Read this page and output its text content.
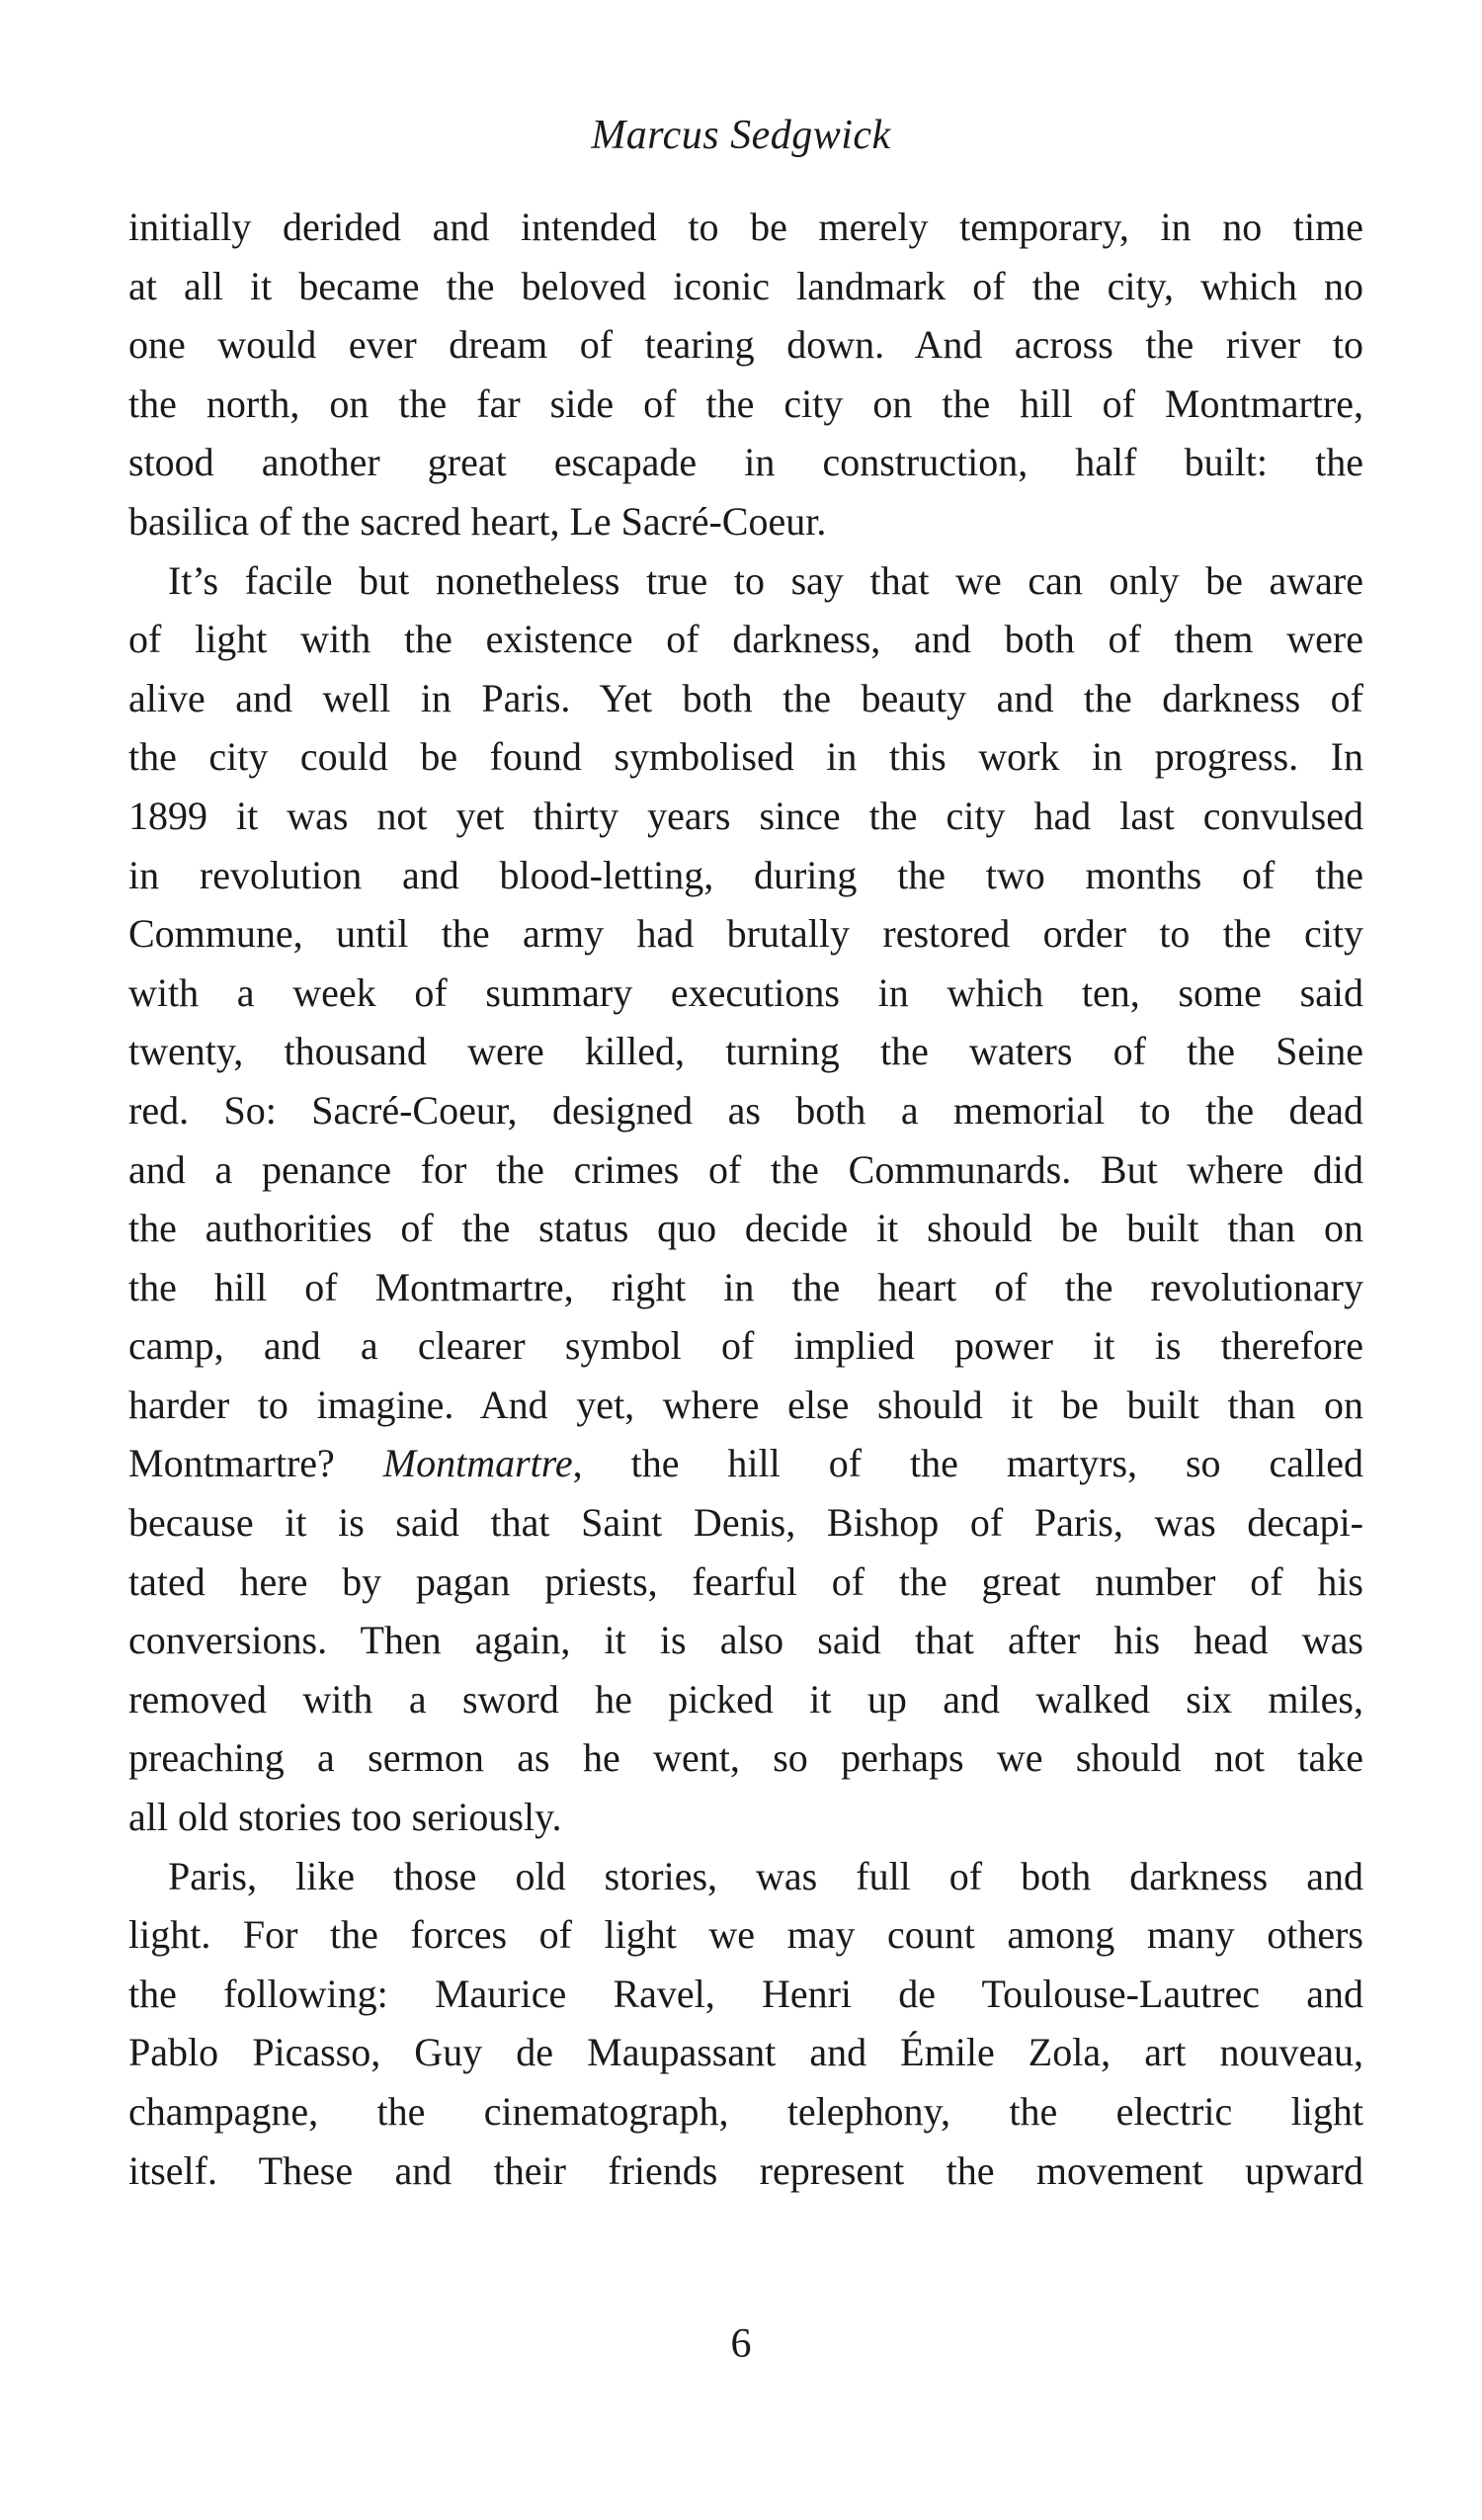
Marcus Sedgwick

initially derided and intended to be merely temporary, in no time
at all it became the beloved iconic landmark of the city, which no
one would ever dream of tearing down. And across the river to
the north, on the far side of the city on the hill of Montmartre,
stood another great escapade in construction, half built: the
basilica of the sacred heart, Le Sacré-Coeur.

It’s facile but nonetheless true to say that we can only be aware
of light with the existence of darkness, and both of them were
alive and well in Paris. Yet both the beauty and the darkness of
the city could be found symbolised in this work in progress. In
1899 it was not yet thirty years since the city had last convulsed
in revolution and blood-letting, during the two months of the
Commune, until the army had brutally restored order to the city
with a week of summary executions in which ten, some said
twenty, thousand were killed, turning the waters of the Seine
red. So: Sacré-Coeur, designed as both a memorial to the dead
and a penance for the crimes of the Communards. But where did
the authorities of the status quo decide it should be built than on
the hill of Montmartre, right in the heart of the revolutionary
camp, and a clearer symbol of implied power it is therefore
harder to imagine. And yet, where else should it be built than on
Montmartre? Montmartre, the hill of the martyrs, so called
because it is said that Saint Denis, Bishop of Paris, was decapi-
tated here by pagan priests, fearful of the great number of his
conversions. Then again, it is also said that after his head was
removed with a sword he picked it up and walked six miles,
preaching a sermon as he went, so perhaps we should not take
all old stories too seriously.

Paris, like those old stories, was full of both darkness and
light. For the forces of light we may count among many others
the following: Maurice Ravel, Henri de Toulouse-Lautrec and
Pablo Picasso, Guy de Maupassant and Émile Zola, art nouveau,
champagne, the cinematograph, telephony, the electric light
itself. These and their friends represent the movement upward

6
